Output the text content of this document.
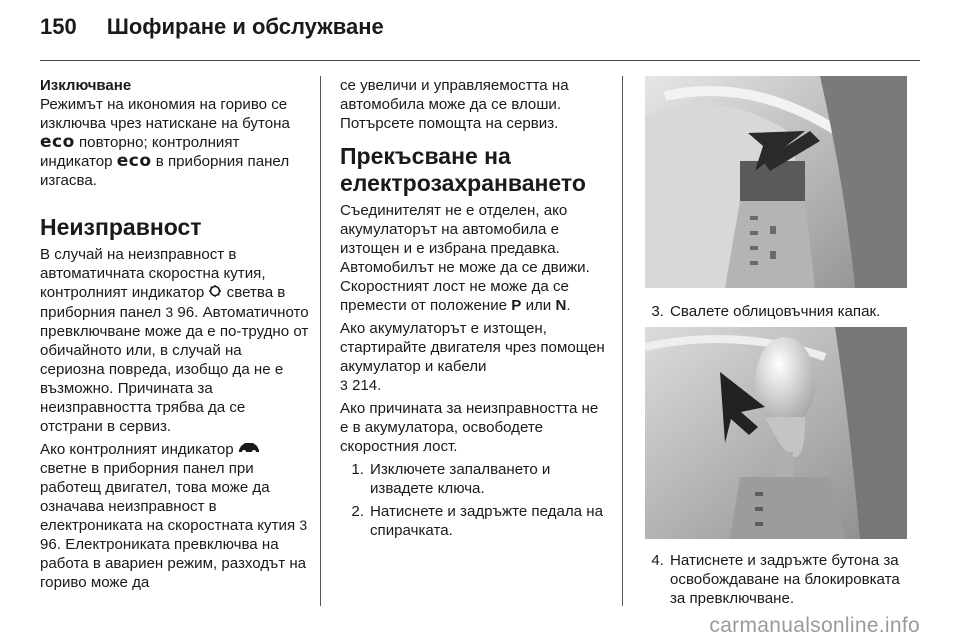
150 Шофиране и обслужване
Изключване

Режимът на икономия на гориво се изключва чрез натискане на бутона eco повторно; контролният индикатор eco в приборния панел изгасва.

Неизправност

В случай на неизправност в автоматичната скоростна кутия, контролният индикатор светва в приборния панел 3 96. Автоматичното превключване може да е по-трудно от обичайното или, в случай на сериозна повреда, изобщо да не е възможно. Причината за неизправността трябва да се отстрани в сервиз.

Ако контролният индикатор  светне в приборния панел при работещ двигател, това може да означава неизправност в електрониката на скоростната кутия 3 96. Електрониката превключва на работа в авариен режим, разходът на гориво може да

се увеличи и управляемостта на автомобила може да се влоши. Потърсете помощта на сервиз.

Прекъсване на електрозахранването

Съединителят не е отделен, ако акумулаторът на автомобила е изтощен и е избрана предавка. Автомобилът не може да се движи. Скоростният лост не може да се премести от положение P или N.

Ако акумулаторът е изтощен, стартирайте двигателя чрез помощен акумулатор и кабели
3 214.

Ако причината за неизправността не е в акумулатора, освободете скоростния лост.

1. Изключете запалването и извадете ключа.
2. Натиснете и задръжте педала на спирачката.
3. Свалете облицовъчния капак.
4. Натиснете и задръжте бутона за освобождаване на блокировката за превключване.
carmanualsonline.info
